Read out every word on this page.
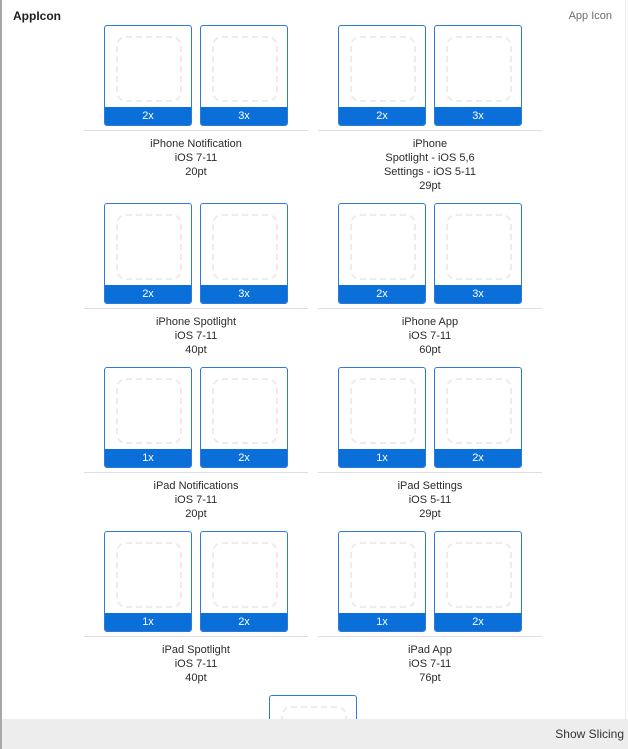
AppIcon	App Icon
2x	3x
iPhone Notification
iOS 7-11
20pt
2x	3x
iPhone
Spotlight - iOS 5,6
Settings - iOS 5-11
29pt
2x	3x
iPhone Spotlight
iOS 7-11
40pt
2x	3x
iPhone App
iOS 7-11
60pt
1x	2x
iPad Notifications
iOS 7-11
20pt
1x	2x
iPad Settings
iOS 5-11
29pt
1x	2x
iPad Spotlight
iOS 7-11
40pt
1x	2x
iPad App
iOS 7-11
76pt
Show Slicing
